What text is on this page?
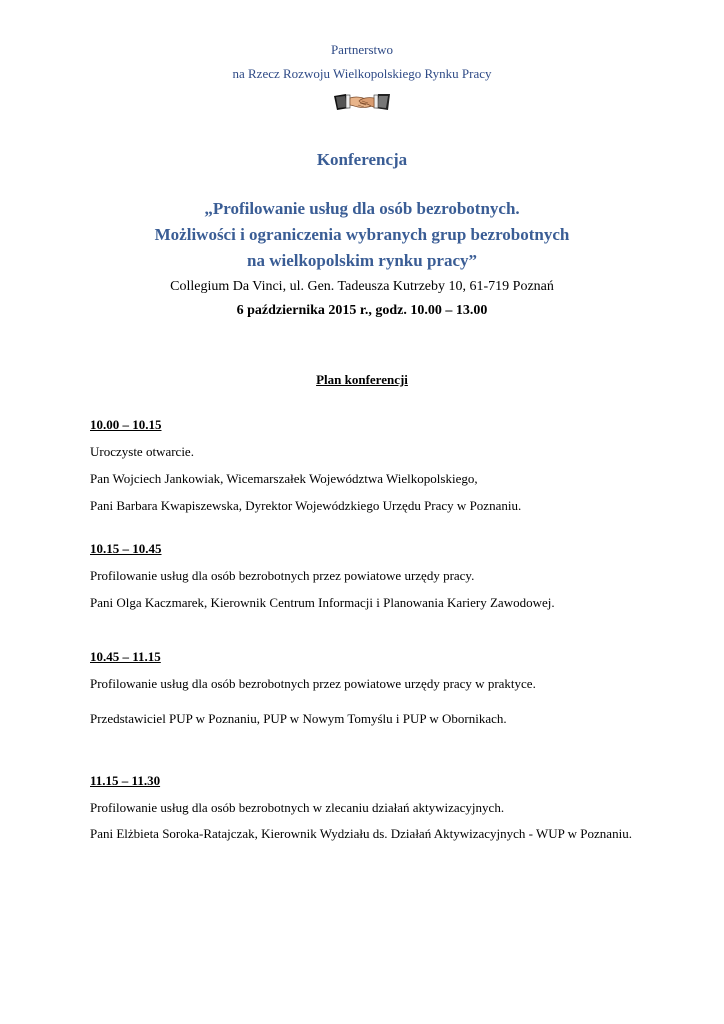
Partnerstwo
na Rzecz Rozwoju Wielkopolskiego Rynku Pracy
Konferencja
„Profilowanie usług dla osób bezrobotnych.
Możliwości i ograniczenia wybranych grup bezrobotnych
na wielkopolskim rynku pracy”
Collegium Da Vinci, ul. Gen. Tadeusza Kutrzeby 10, 61-719 Poznań
6 października 2015 r., godz. 10.00 – 13.00
Plan konferencji
10.00 – 10.15
Uroczyste otwarcie.
Pan Wojciech Jankowiak, Wicemarszałek Województwa Wielkopolskiego,
Pani Barbara Kwapiszewska, Dyrektor Wojewódzkiego Urzędu Pracy w Poznaniu.
10.15 – 10.45
Profilowanie usług dla osób bezrobotnych przez powiatowe urzędy pracy.
Pani Olga Kaczmarek, Kierownik Centrum Informacji i Planowania Kariery Zawodowej.
10.45 – 11.15
Profilowanie usług dla osób bezrobotnych przez powiatowe urzędy pracy w praktyce.
Przedstawiciel PUP w Poznaniu, PUP w Nowym Tomyślu i PUP w Obornikach.
11.15 – 11.30
Profilowanie usług dla osób bezrobotnych w zlecaniu działań aktywizacyjnych.
Pani Elżbieta Soroka-Ratajczak, Kierownik Wydziału ds. Działań Aktywizacyjnych - WUP w Poznaniu.
